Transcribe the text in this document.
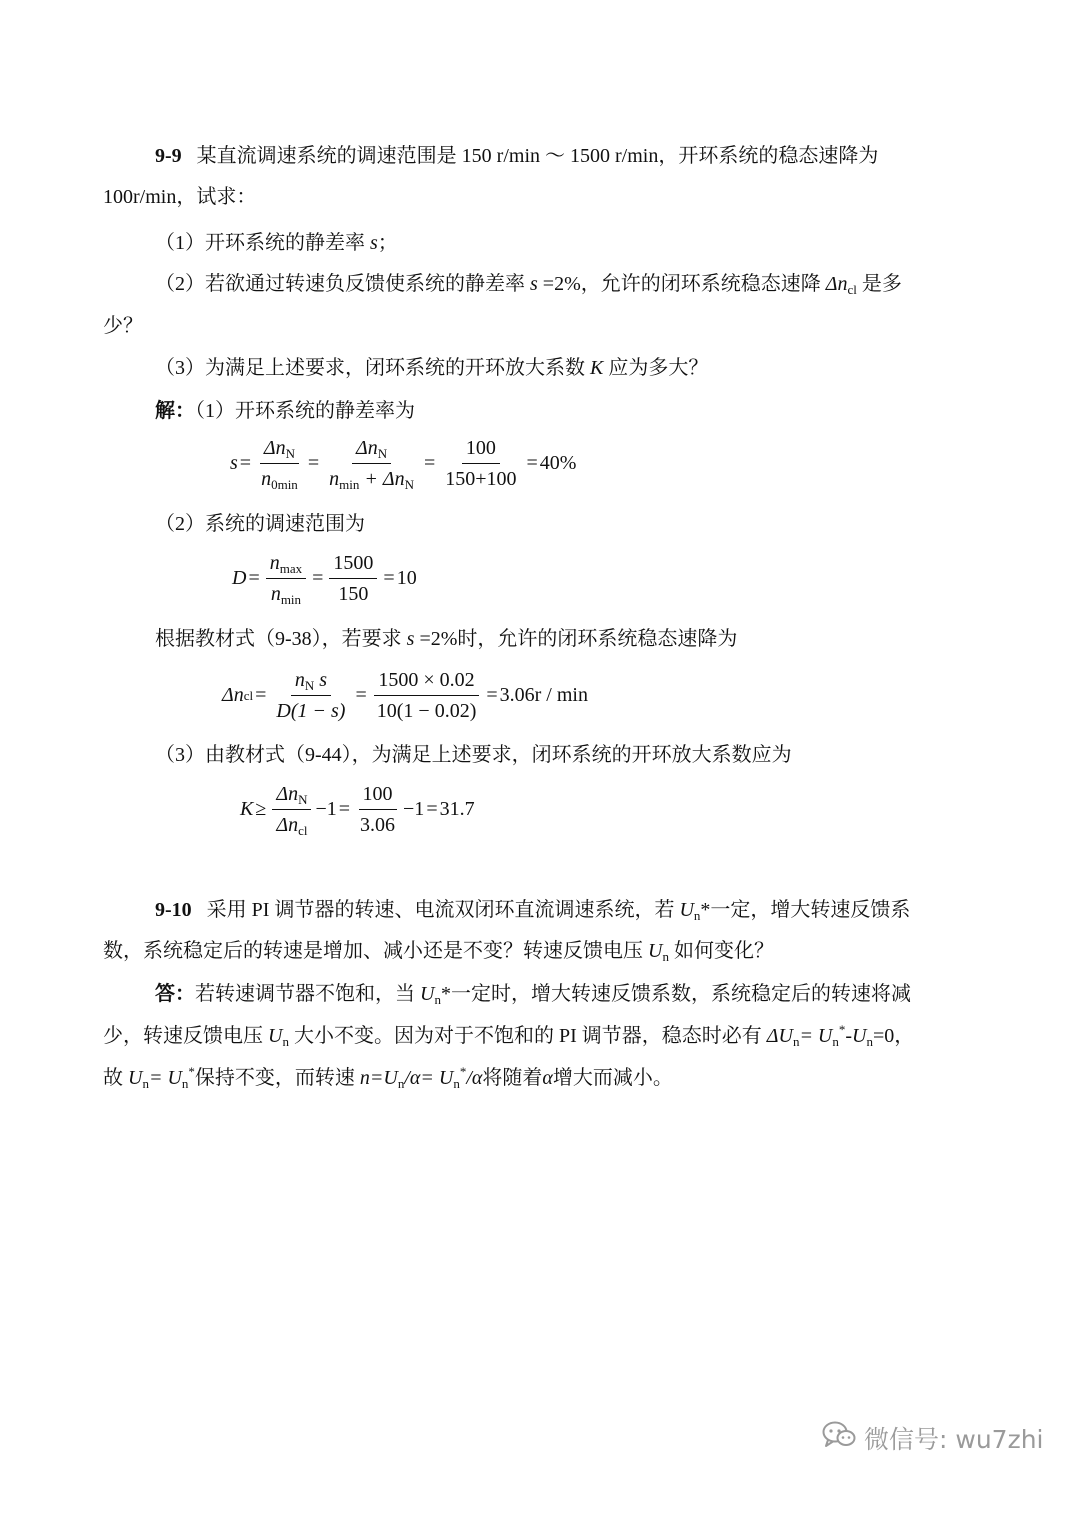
9-9 某直流调速系统的调速范围是 150 r/min ～ 1500 r/min，开环系统的稳态速降为
100r/min，试求：
（1）开环系统的静差率 s；
（2）若欲通过转速负反馈使系统的静差率 s =2%，允许的闭环系统稳态速降 $\Delta n_{cl}$ 是多
少？
（3）为满足上述要求，闭环系统的开环放大系数 K 应为多大？
解：（1）开环系统的静差率为
$s = \frac{\Delta n_N}{n_{0min}} = \frac{\Delta n_N}{n_{min} + \Delta n_N} = \frac{100}{150+100} = 40\%$
（2）系统的调速范围为
$D = \frac{n_{max}}{n_{min}} = \frac{1500}{150} = 10$
根据教材式（9-38），若要求 s =2%时，允许的闭环系统稳态速降为
Δn cl = $\frac{n_N s}{D(1 - s)} = \frac{1500 \times 0.02}{10(1 - 0.02)} = 3.06r / \min$
（3）由教材式（9-44），为满足上述要求，闭环系统的开环放大系数应为
$K \ge \frac{\Delta n_N}{\Delta n_{cl}} -1 = \frac{100}{3.06} -1 = 31.7$
9-10 采用 PI 调节器的转速、电流双闭环直流调速系统，若 $U_n*$一定，增大转速反馈系
数，系统稳定后的转速是增加、减小还是不变？转速反馈电压 $U_n$ 如何变化？
答：若转速调节器不饱和，当 $U_n*$一定时，增大转速反馈系数，系统稳定后的转速将减
少，转速反馈电压 $U_n$ 大小不变。因为对于不饱和的 PI 调节器，稳态时必有 $\Delta U_n= U_n^*-U_n=0$，
故 $U_n= U_n^*$保持不变，而转速 $n=U_n/\alpha= U_n^*/\alpha$将随着α增大而减小。
微信号: wu7zhi
